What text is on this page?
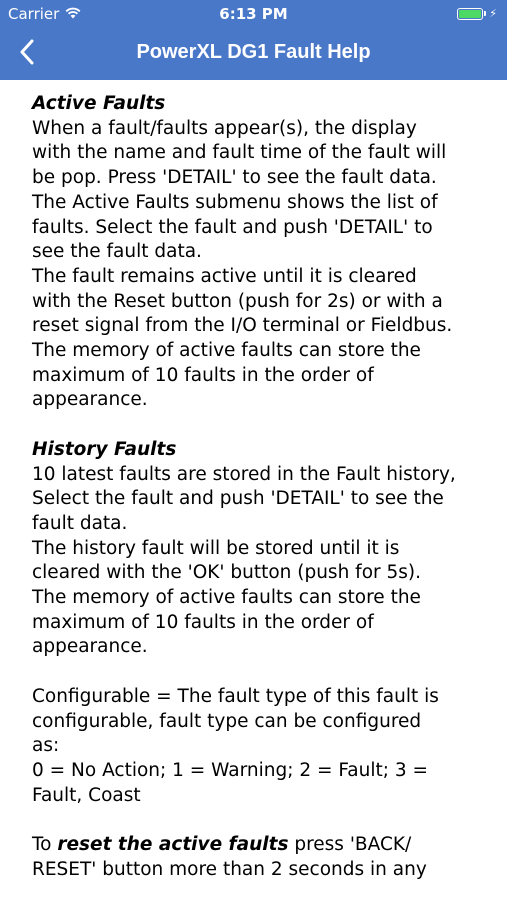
Carrier	6:13 PM	⚡
PowerXL DG1 Fault Help
Active Faults
When a fault/faults appear(s), the display
with the name and fault time of the fault will
be pop. Press 'DETAIL' to see the fault data.
The Active Faults submenu shows the list of
faults. Select the fault and push 'DETAIL' to
see the fault data.
The fault remains active until it is cleared
with the Reset button (push for 2s) or with a
reset signal from the I/O terminal or Fieldbus.
The memory of active faults can store the
maximum of 10 faults in the order of
appearance.
History Faults
10 latest faults are stored in the Fault history,
Select the fault and push 'DETAIL' to see the
fault data.
The history fault will be stored until it is
cleared with the 'OK' button (push for 5s).
The memory of active faults can store the
maximum of 10 faults in the order of
appearance.
Configurable = The fault type of this fault is
configurable, fault type can be configured
as:
0 = No Action; 1 = Warning; 2 = Fault; 3 =
Fault, Coast
To reset the active faults press 'BACK/
RESET' button more than 2 seconds in any
